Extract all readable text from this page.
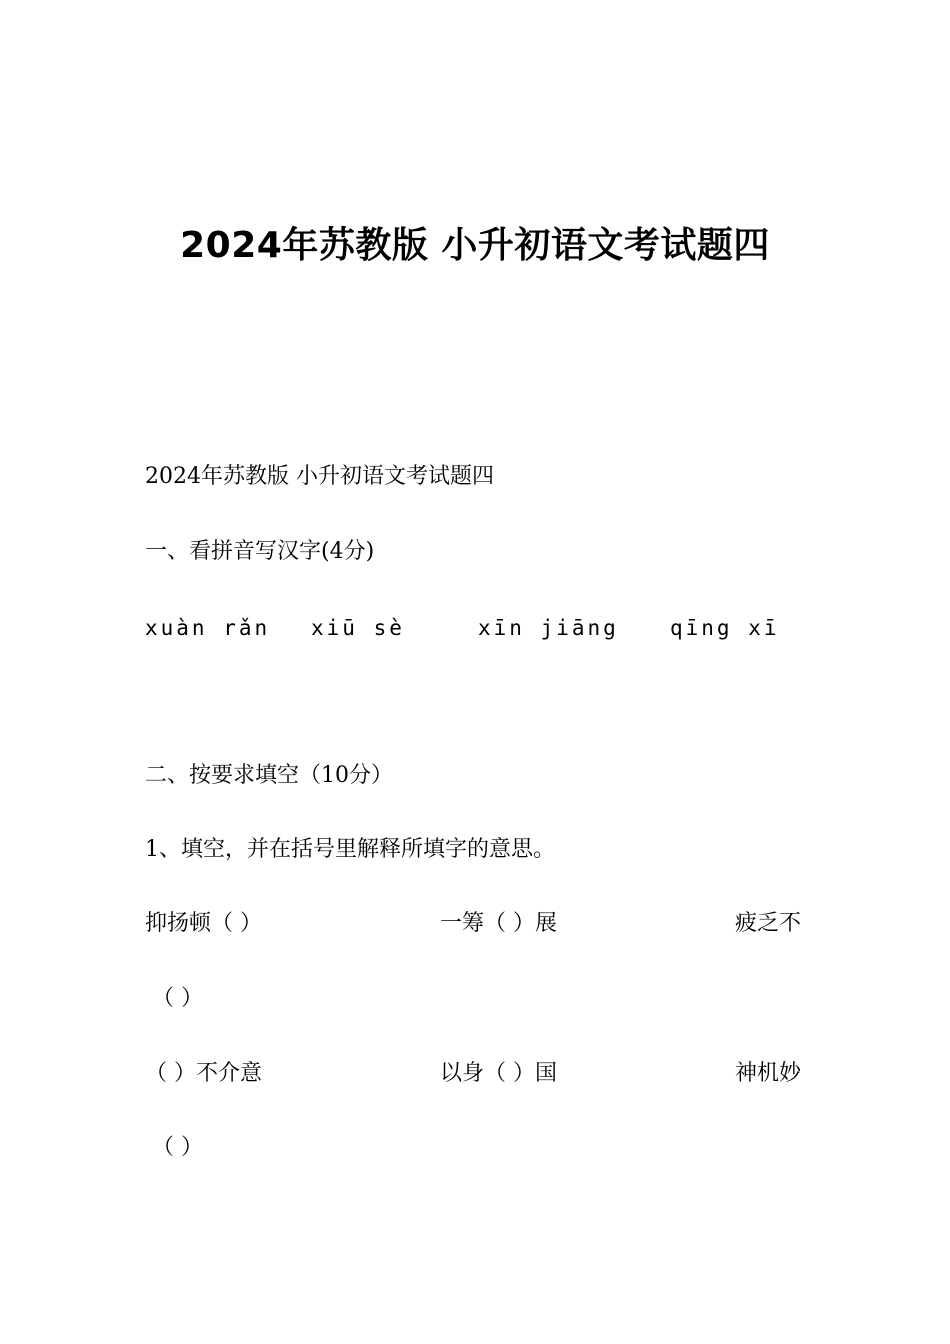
2024年苏教版 小升初语文考试题四

2024年苏教版 小升初语文考试题四

一、看拼音写汉字(4分)

xuàn rǎn xiū sè	xīn jiāng qīng xī

二、按要求填空（10分）

1、填空，并在括号里解释所填字的意思。

抑扬顿（ ）	一筹（ ）展	疲乏不

（ ）

（ ）不介意	以身（ ）国	神机妙

（ ）
